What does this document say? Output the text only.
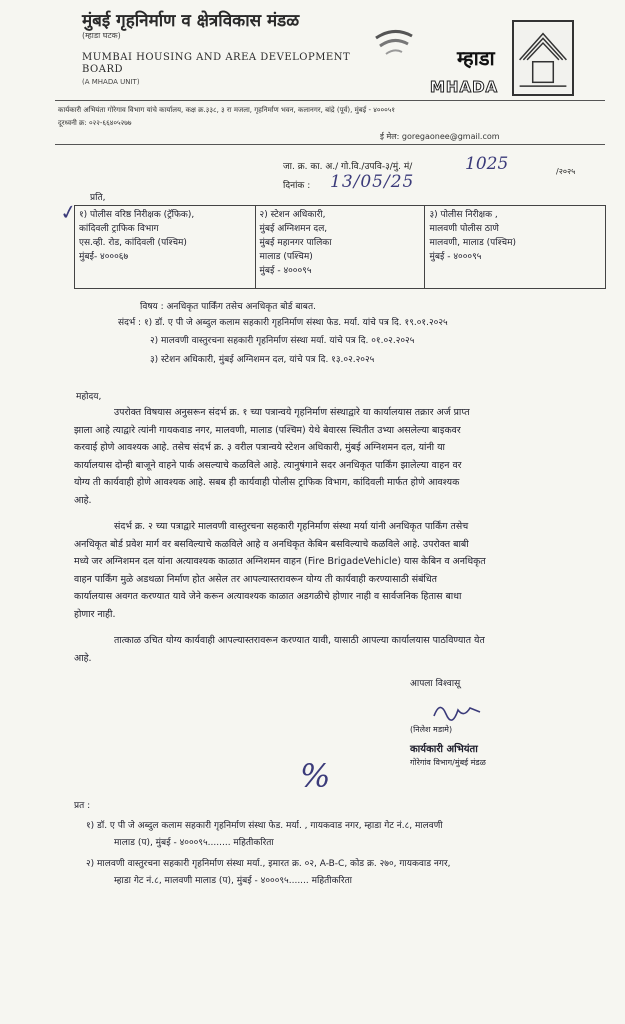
मुंबई गृहनिर्माण व क्षेत्रविकास मंडळ
(म्हाडा घटक)
MUMBAI HOUSING AND AREA DEVELOPMENT
BOARD
(A MHADA UNIT)
म्हाडा
MHADA
कार्यकारी अभियंता गोरेगाव विभाग यांचे कार्यालय, कक्ष क्र.३३८, ३ रा मजला, गृहनिर्माण भवन, कलानगर, बांद्रे (पूर्व), मुंबई - ४०००५१
दूरध्वनी क्र: ०२२-६६४०५२७७
ई मेल: goregaonee@gmail.com
जा. क्र. का. अ./ गो.वि./उपवि-३/मुं. मं/	1025	/२०२५
दिनांक : 13/05/25
प्रति,
✓ १) पोलीस वरिष्ठ निरीक्षक (ट्रॅफिक),
कांदिवली ट्राफिक विभाग
एस.व्ही. रोड, कांदिवली (पश्चिम)
मुंबई- ४०००६७

२) स्टेशन अधिकारी,
मुंबई अग्निशमन दल,
मुंबई महानगर पालिका
मालाड (पश्चिम)
मुंबई - ४०००९५

३) पोलीस निरीक्षक ,
मालवणी पोलीस ठाणे
मालवणी, मालाड (पश्चिम)
मुंबई - ४०००९५
विषय : अनधिकृत पार्किंग तसेच अनधिकृत बोर्ड बाबत.
संदर्भ : १) डॉ. ए पी जे अब्दुल कलाम सहकारी गृहनिर्माण संस्था फेड. मर्या. यांचे पत्र दि. १९.०१.२०२५
२) मालवणी वास्तुरचना सहकारी गृहनिर्माण संस्था मर्या. यांचे पत्र दि. ०१.०२.२०२५
३) स्टेशन अधिकारी, मुंबई अग्निशमन दल, यांचे पत्र दि. १३.०२.२०२५
महोदय,
उपरोक्त विषयास अनुसरून संदर्भ क्र. १ च्या पत्रान्वये गृहनिर्माण संस्थाद्वारे या कार्यालयास तक्रार अर्ज प्राप्त
झाला आहे त्याद्वारे त्यांनी गायकवाड नगर, मालवणी, मालाड (पश्चिम) येथे बेवारस स्थितीत उभ्या असलेल्या बाइकवर
करवाई होणे आवश्यक आहे. तसेच संदर्भ क्र. ३ वरील पत्रान्वये स्टेशन अधिकारी, मुंबई अग्निशमन दल, यांनी या
कार्यालयास दोन्ही बाजूने वाहने पार्क असल्याचे कळविले आहे. त्यानुषंगाने सदर अनधिकृत पार्किंग झालेल्या वाहन वर
योग्य ती कार्यवाही होणे आवश्यक आहे. सबब ही कार्यवाही पोलीस ट्राफिक विभाग, कांदिवली मार्फत होणे आवश्यक
आहे.
संदर्भ क्र. २ च्या पत्राद्वारे मालवणी वास्तुरचना सहकारी गृहनिर्माण संस्था मर्या यांनी अनधिकृत पार्किंग तसेच
अनधिकृत बोर्ड प्रवेश मार्ग वर बसविल्याचे कळविले आहे व अनधिकृत केबिन बसविल्याचे कळविले आहे. उपरोक्त बाबी
मध्ये जर अग्निशमन दल यांना अत्यावश्यक काळात अग्निशमन वाहन (Fire BrigadeVehicle) यास केबिन व अनधिकृत
वाहन पार्किंग मुळे अडथळा निर्माण होत असेल तर आपल्यास्तरावरून योग्य ती कार्यवाही करण्यासाठी संबंधित
कार्यालयास अवगत करण्यात यावे जेने करून अत्यावश्यक काळात अडगळीचे होणार नाही व सार्वजनिक हितास बाधा
होणार नाही.
तात्काळ उचित योग्य कार्यवाही आपल्यास्तरावरून करण्यात यावी, यासाठी आपल्या कार्यालयास पाठविण्यात येत
आहे.
आपला विश्वासू
(निलेश मडामे)
कार्यकारी अभियंता
गोरेगांव विभाग/मुंबई मंडळ
%
प्रत :
१) डॉ. ए पी जे अब्दुल कलाम सहकारी गृहनिर्माण संस्था फेड. मर्या. , गायकवाड नगर, म्हाडा गेट नं.८, मालवणी
मालाड (प), मुंबई - ४०००९५........ महितीकरिता
२) मालवणी वास्तुरचना सहकारी गृहनिर्माण संस्था मर्या., इमारत क्र. ०२, A-B-C, कोड क्र. २७०, गायकवाड नगर,
म्हाडा गेट नं.८, मालवणी मालाड (प), मुंबई - ४०००९५....... महितीकरिता
